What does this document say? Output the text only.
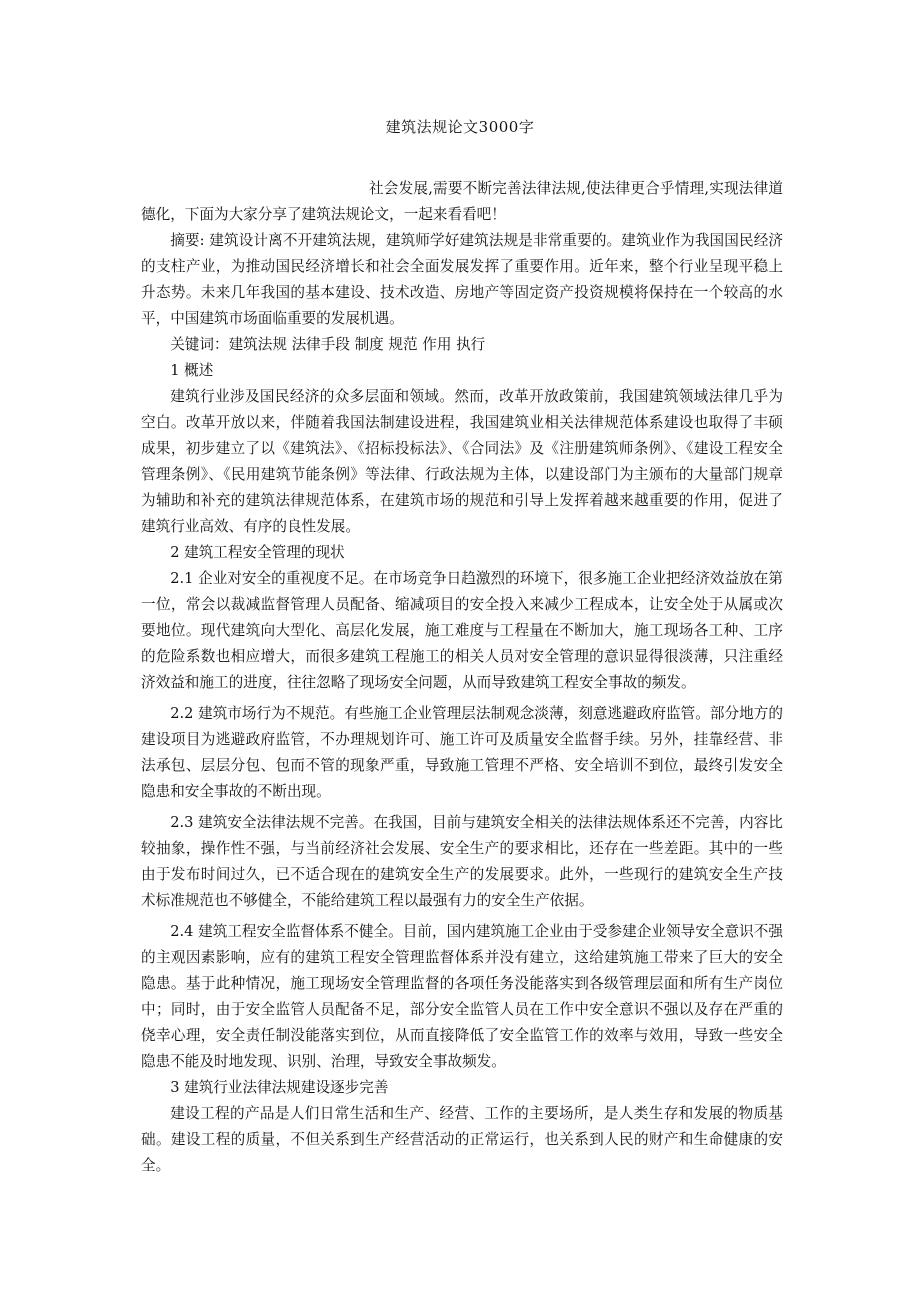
建筑法规论文3000字

社会发展,需要不断完善法律法规,使法律更合乎情理,实现法律道德化，下面为大家分享了建筑法规论文，一起来看看吧！

摘要: 建筑设计离不开建筑法规，建筑师学好建筑法规是非常重要的。建筑业作为我国国民经济的支柱产业，为推动国民经济增长和社会全面发展发挥了重要作用。近年来，整个行业呈现平稳上升态势。未来几年我国的基本建设、技术改造、房地产等固定资产投资规模将保持在一个较高的水平，中国建筑市场面临重要的发展机遇。

关键词：建筑法规 法律手段 制度 规范 作用 执行

1 概述

建筑行业涉及国民经济的众多层面和领域。然而，改革开放政策前，我国建筑领域法律几乎为空白。改革开放以来，伴随着我国法制建设进程，我国建筑业相关法律规范体系建设也取得了丰硕成果，初步建立了以《建筑法》、《招标投标法》、《合同法》及《注册建筑师条例》、《建设工程安全管理条例》、《民用建筑节能条例》等法律、行政法规为主体，以建设部门为主颁布的大量部门规章为辅助和补充的建筑法律规范体系，在建筑市场的规范和引导上发挥着越来越重要的作用，促进了建筑行业高效、有序的良性发展。

2 建筑工程安全管理的现状

2.1 企业对安全的重视度不足。在市场竞争日趋激烈的环境下，很多施工企业把经济效益放在第一位，常会以裁减监督管理人员配备、缩减项目的安全投入来减少工程成本，让安全处于从属或次要地位。现代建筑向大型化、高层化发展，施工难度与工程量在不断加大，施工现场各工种、工序的危险系数也相应增大，而很多建筑工程施工的相关人员对安全管理的意识显得很淡薄，只注重经济效益和施工的进度，往往忽略了现场安全问题，从而导致建筑工程安全事故的频发。

2.2 建筑市场行为不规范。有些施工企业管理层法制观念淡薄，刻意逃避政府监管。部分地方的建设项目为逃避政府监管，不办理规划许可、施工许可及质量安全监督手续。另外，挂靠经营、非法承包、层层分包、包而不管的现象严重，导致施工管理不严格、安全培训不到位，最终引发安全隐患和安全事故的不断出现。

2.3 建筑安全法律法规不完善。在我国，目前与建筑安全相关的法律法规体系还不完善，内容比较抽象，操作性不强，与当前经济社会发展、安全生产的要求相比，还存在一些差距。其中的一些由于发布时间过久，已不适合现在的建筑安全生产的发展要求。此外，一些现行的建筑安全生产技术标准规范也不够健全，不能给建筑工程以最强有力的安全生产依据。

2.4 建筑工程安全监督体系不健全。目前，国内建筑施工企业由于受参建企业领导安全意识不强的主观因素影响，应有的建筑工程安全管理监督体系并没有建立，这给建筑施工带来了巨大的安全隐患。基于此种情况，施工现场安全管理监督的各项任务没能落实到各级管理层面和所有生产岗位中；同时，由于安全监管人员配备不足，部分安全监管人员在工作中安全意识不强以及存在严重的侥幸心理，安全责任制没能落实到位，从而直接降低了安全监管工作的效率与效用，导致一些安全隐患不能及时地发现、识别、治理，导致安全事故频发。

3 建筑行业法律法规建设逐步完善

建设工程的产品是人们日常生活和生产、经营、工作的主要场所，是人类生存和发展的物质基础。建设工程的质量，不但关系到生产经营活动的正常运行，也关系到人民的财产和生命健康的安全。
